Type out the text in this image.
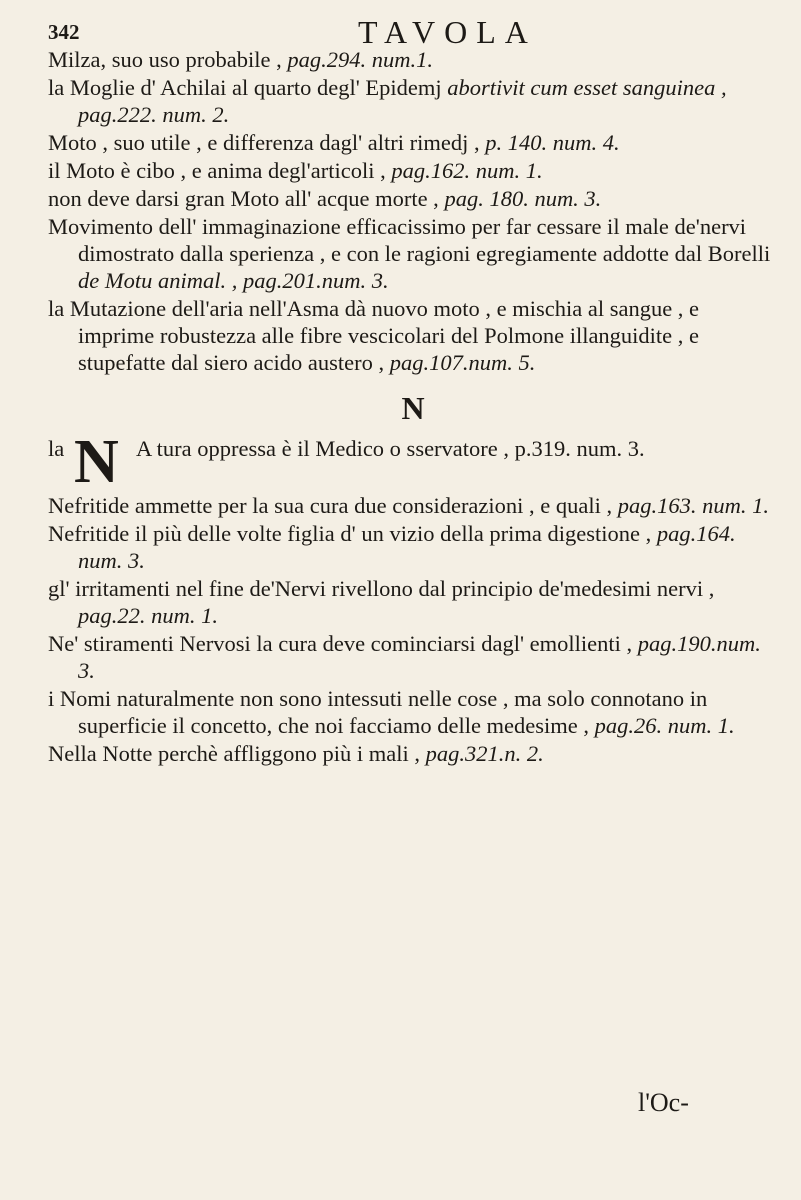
342	TAVOLA

Milza, suo uso probabile , pag.294. num.1.

la Moglie d' Achilai al quarto degl' Epidemj abortivit cum esset sanguinea , pag.222. num. 2.

Moto , suo utile , e differenza dagl' altri rimedj , p. 140. num. 4.

il Moto è cibo , e anima degl'articoli , pag.162. num. 1.

non deve darsi gran Moto all' acque morte , pag. 180. num. 3.

Movimento dell' immaginazione efficacissimo per far cessare il male de'nervi dimostrato dalla sperienza , e con le ragioni egregiamente addotte dal Borelli de Motu animal. , pag.201.num. 3.

la Mutazione dell'aria nell'Asma dà nuovo moto , e mischia al sangue , e imprime robustezza alle fibre vescicolari del Polmone illanguidite , e stupefatte dal siero acido austero , pag.107.num. 5.

N
la N A tura oppressa è il Medico o sservatore , p.319. num. 3.

Nefritide ammette per la sua cura due considerazioni , e quali , pag.163. num. 1.

Nefritide il più delle volte figlia d' un vizio della prima digestione , pag.164. num. 3.

gl' irritamenti nel fine de'Nervi rivellono dal principio de'medesimi nervi , pag.22. num. 1.

Ne' stiramenti Nervosi la cura deve cominciarsi dagl' emollienti , pag.190.num. 3.

i Nomi naturalmente non sono intessuti nelle cose , ma solo connotano in superficie il concetto, che noi facciamo delle medesime , pag.26. num. 1.

Nella Notte perchè affliggono più i mali , pag.321.n. 2.

l'Oc-
